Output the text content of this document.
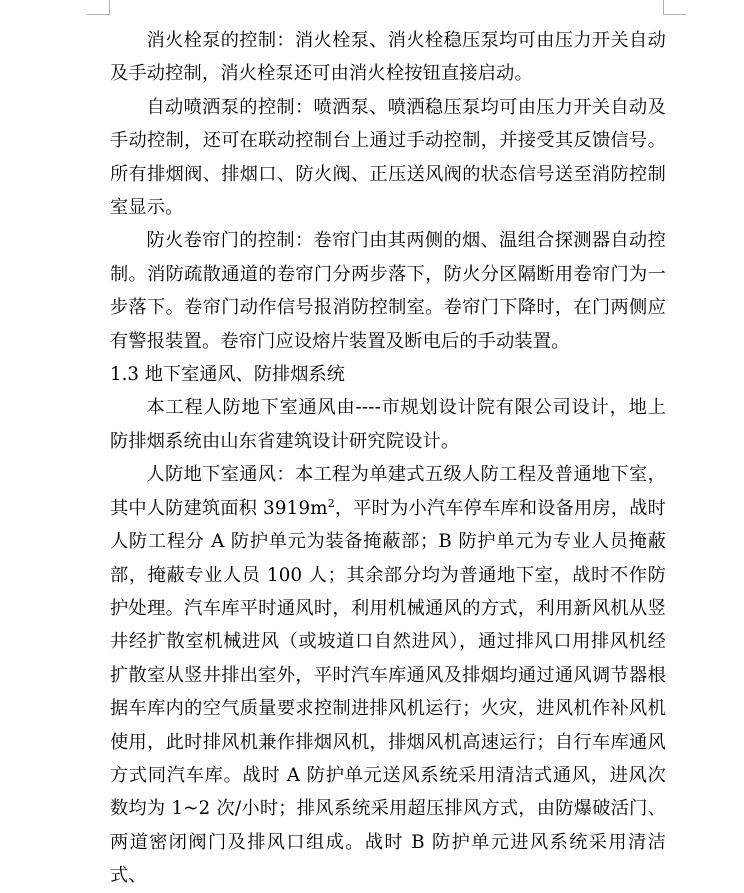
消火栓泵的控制：消火栓泵、消火栓稳压泵均可由压力开关自动及手动控制，消火栓泵还可由消火栓按钮直接启动。

自动喷洒泵的控制：喷洒泵、喷洒稳压泵均可由压力开关自动及手动控制，还可在联动控制台上通过手动控制，并接受其反馈信号。所有排烟阀、排烟口、防火阀、正压送风阀的状态信号送至消防控制室显示。

防火卷帘门的控制：卷帘门由其两侧的烟、温组合探测器自动控制。消防疏散通道的卷帘门分两步落下，防火分区隔断用卷帘门为一步落下。卷帘门动作信号报消防控制室。卷帘门下降时，在门两侧应有警报装置。卷帘门应设熔片装置及断电后的手动装置。

1.3 地下室通风、防排烟系统

本工程人防地下室通风由----市规划设计院有限公司设计，地上防排烟系统由山东省建筑设计研究院设计。

人防地下室通风：本工程为单建式五级人防工程及普通地下室，其中人防建筑面积 $3919m^2$，平时为小汽车停车库和设备用房，战时人防工程分 A 防护单元为装备掩蔽部；B 防护单元为专业人员掩蔽部，掩蔽专业人员 100 人；其余部分均为普通地下室，战时不作防护处理。汽车库平时通风时，利用机械通风的方式，利用新风机从竖井经扩散室机械进风（或坡道口自然进风），通过排风口用排风机经扩散室从竖井排出室外，平时汽车库通风及排烟均通过通风调节器根据车库内的空气质量要求控制进排风机运行；火灾，进风机作补风机使用，此时排风机兼作排烟风机，排烟风机高速运行；自行车库通风方式同汽车库。战时 A 防护单元送风系统采用清洁式通风，进风次数均为 1~2 次/小时；排风系统采用超压排风方式，由防爆破活门、两道密闭阀门及排风口组成。战时 B 防护单元进风系统采用清洁式、
